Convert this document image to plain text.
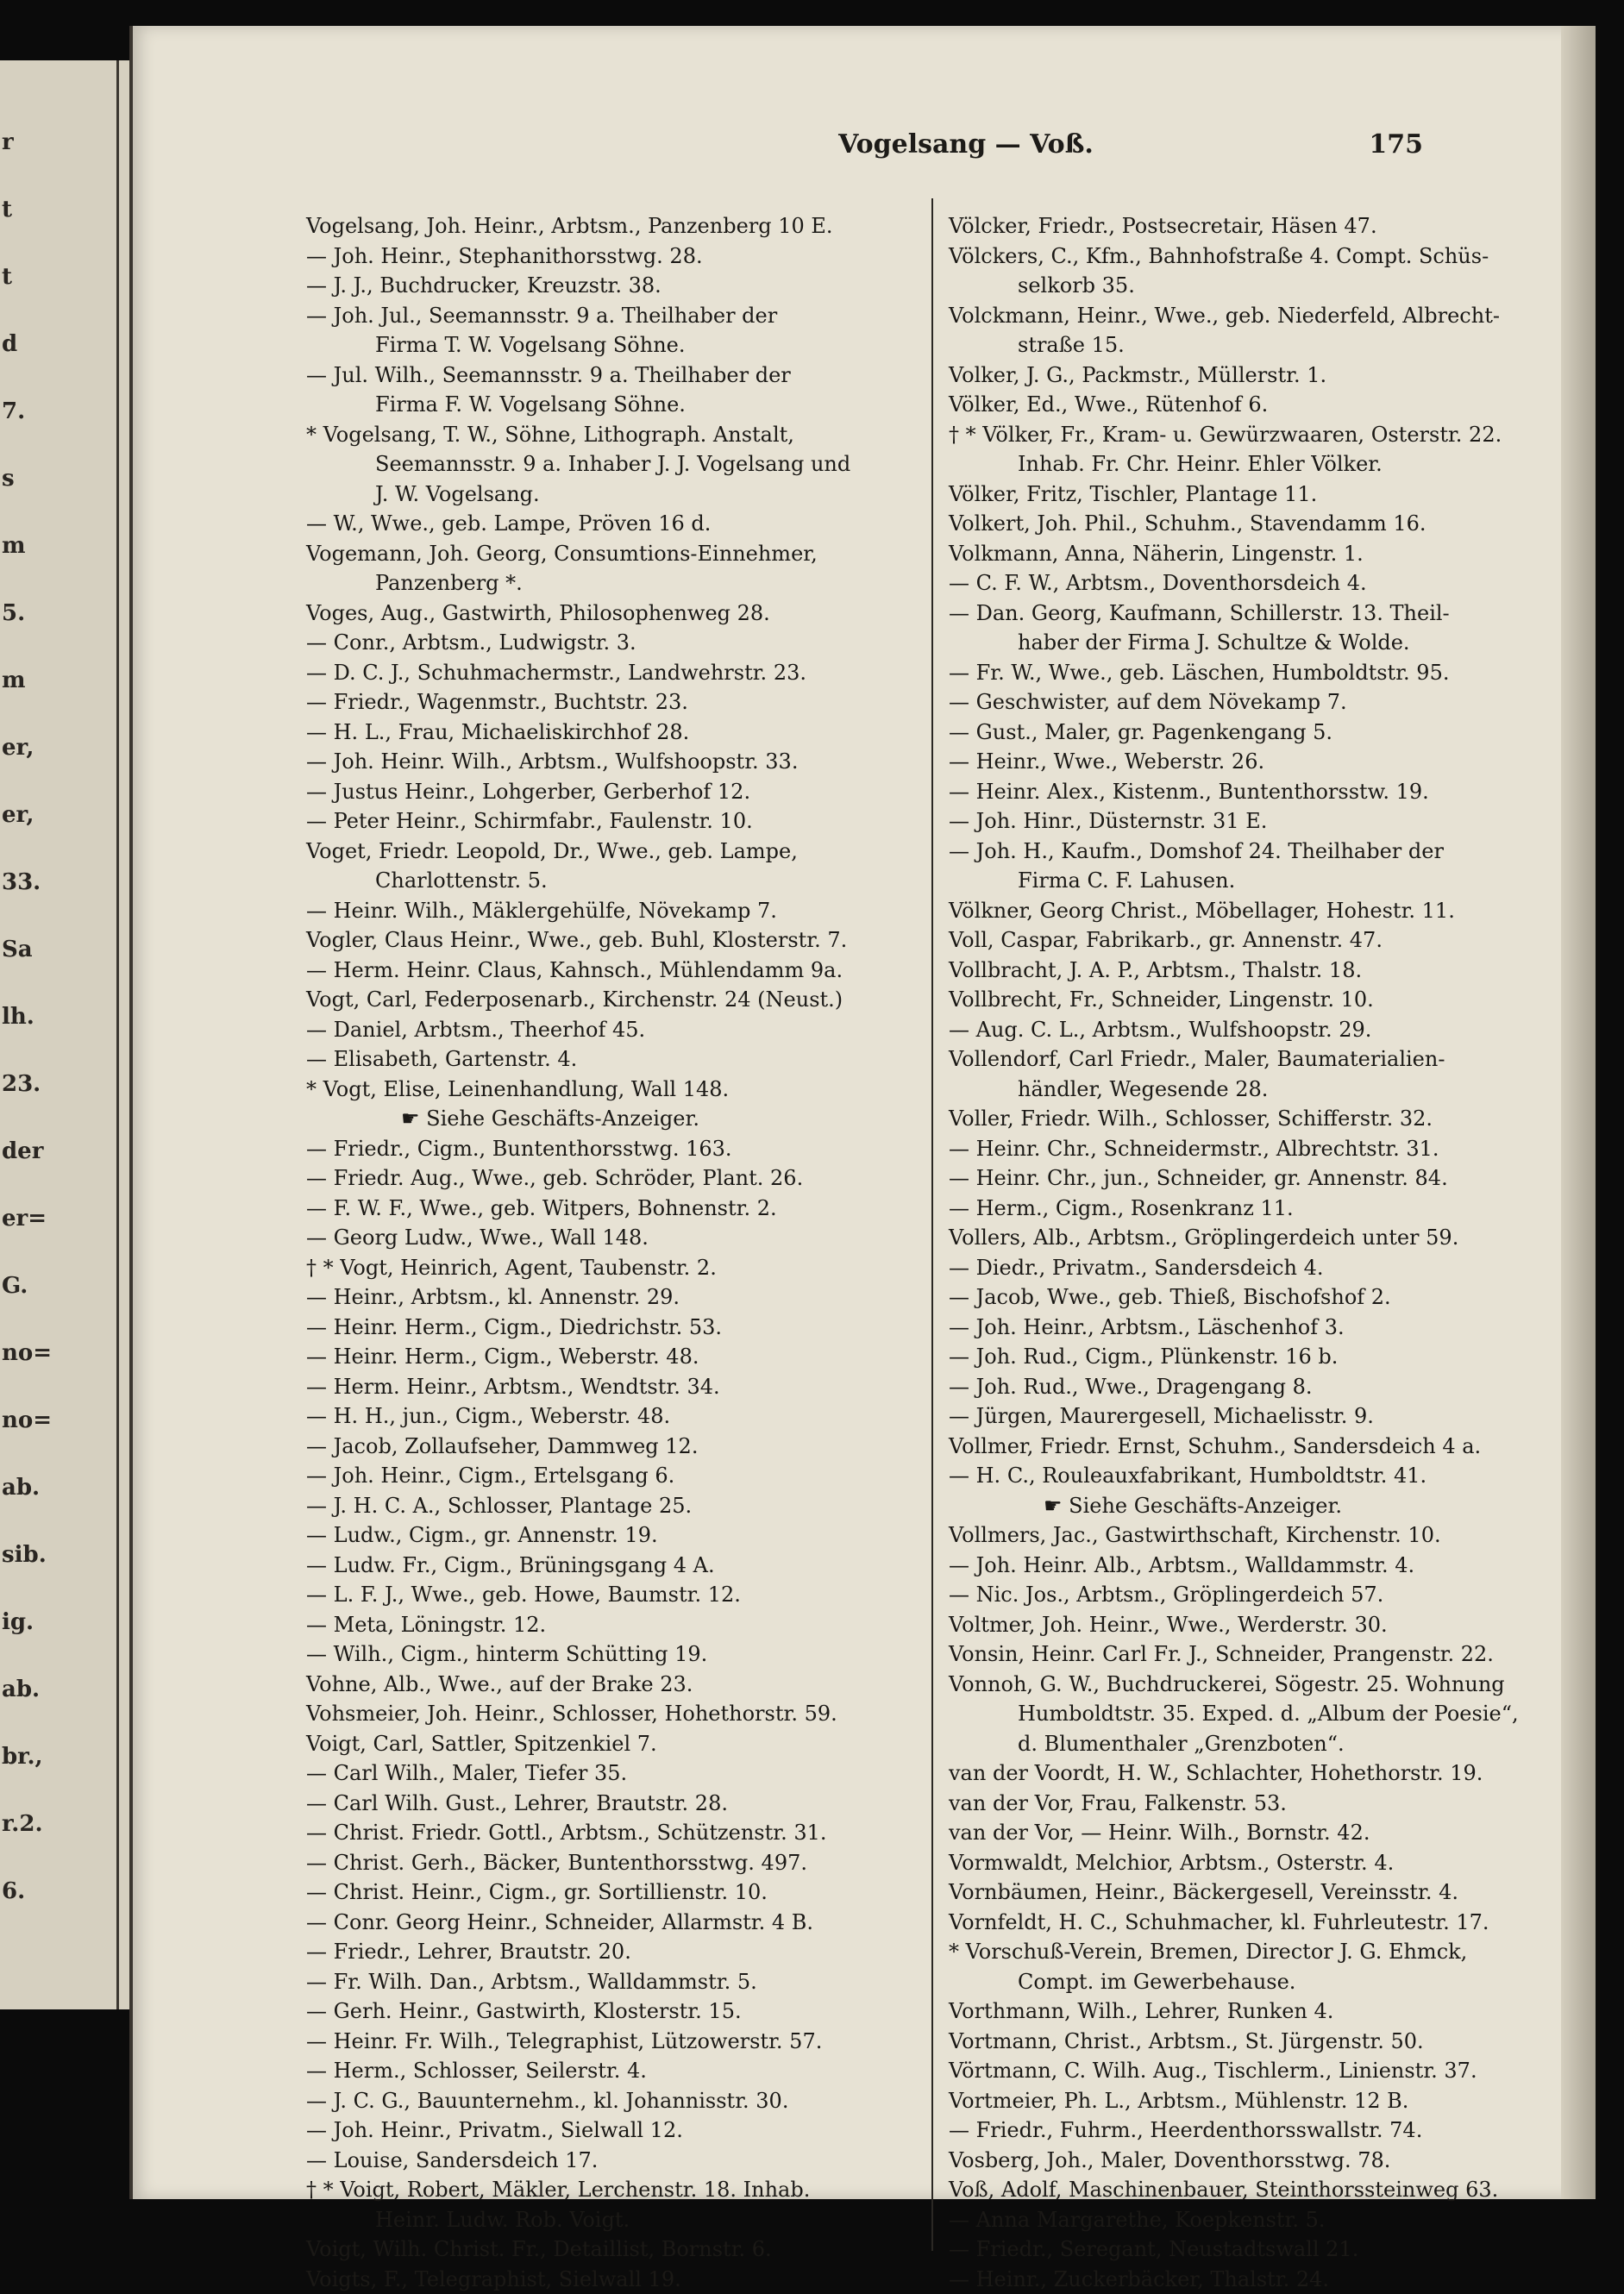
r
t
t
d
7.
s
m
5.
m
er,
er,
33.
Sa
lh.
23.
der
er=
G.
no=
no=
ab.
sib.
ig.
ab.
br.,
r.2.
6.
Vogelsang — Voß.	175
Vogelsang, Joh. Heinr., Arbtsm., Panzenberg 10 E.
— Joh. Heinr., Stephanithorsstwg. 28.
— J. J., Buchdrucker, Kreuzstr. 38.
— Joh. Jul., Seemannsstr. 9 a. Theilhaber der
Firma T. W. Vogelsang Söhne.
— Jul. Wilh., Seemannsstr. 9 a. Theilhaber der
Firma F. W. Vogelsang Söhne.
* Vogelsang, T. W., Söhne, Lithograph. Anstalt,
Seemannsstr. 9 a. Inhaber J. J. Vogelsang und
J. W. Vogelsang.
— W., Wwe., geb. Lampe, Pröven 16 d.
Vogemann, Joh. Georg, Consumtions-Einnehmer,
Panzenberg *.
Voges, Aug., Gastwirth, Philosophenweg 28.
— Conr., Arbtsm., Ludwigstr. 3.
— D. C. J., Schuhmachermstr., Landwehrstr. 23.
— Friedr., Wagenmstr., Buchtstr. 23.
— H. L., Frau, Michaeliskirchhof 28.
— Joh. Heinr. Wilh., Arbtsm., Wulfshoopstr. 33.
— Justus Heinr., Lohgerber, Gerberhof 12.
— Peter Heinr., Schirmfabr., Faulenstr. 10.
Voget, Friedr. Leopold, Dr., Wwe., geb. Lampe,
Charlottenstr. 5.
— Heinr. Wilh., Mäklergehülfe, Növekamp 7.
Vogler, Claus Heinr., Wwe., geb. Buhl, Klosterstr. 7.
— Herm. Heinr. Claus, Kahnsch., Mühlendamm 9a.
Vogt, Carl, Federposenarb., Kirchenstr. 24 (Neust.)
— Daniel, Arbtsm., Theerhof 45.
— Elisabeth, Gartenstr. 4.
* Vogt, Elise, Leinenhandlung, Wall 148.
☛ Siehe Geschäfts-Anzeiger.
— Friedr., Cigm., Buntenthorsstwg. 163.
— Friedr. Aug., Wwe., geb. Schröder, Plant. 26.
— F. W. F., Wwe., geb. Witpers, Bohnenstr. 2.
— Georg Ludw., Wwe., Wall 148.
† * Vogt, Heinrich, Agent, Taubenstr. 2.
— Heinr., Arbtsm., kl. Annenstr. 29.
— Heinr. Herm., Cigm., Diedrichstr. 53.
— Heinr. Herm., Cigm., Weberstr. 48.
— Herm. Heinr., Arbtsm., Wendtstr. 34.
— H. H., jun., Cigm., Weberstr. 48.
— Jacob, Zollaufseher, Dammweg 12.
— Joh. Heinr., Cigm., Ertelsgang 6.
— J. H. C. A., Schlosser, Plantage 25.
— Ludw., Cigm., gr. Annenstr. 19.
— Ludw. Fr., Cigm., Brüningsgang 4 A.
— L. F. J., Wwe., geb. Howe, Baumstr. 12.
— Meta, Löningstr. 12.
— Wilh., Cigm., hinterm Schütting 19.
Vohne, Alb., Wwe., auf der Brake 23.
Vohsmeier, Joh. Heinr., Schlosser, Hohethorstr. 59.
Voigt, Carl, Sattler, Spitzenkiel 7.
— Carl Wilh., Maler, Tiefer 35.
— Carl Wilh. Gust., Lehrer, Brautstr. 28.
— Christ. Friedr. Gottl., Arbtsm., Schützenstr. 31.
— Christ. Gerh., Bäcker, Buntenthorsstwg. 497.
— Christ. Heinr., Cigm., gr. Sortillienstr. 10.
— Conr. Georg Heinr., Schneider, Allarmstr. 4 B.
— Friedr., Lehrer, Brautstr. 20.
— Fr. Wilh. Dan., Arbtsm., Walldammstr. 5.
— Gerh. Heinr., Gastwirth, Klosterstr. 15.
— Heinr. Fr. Wilh., Telegraphist, Lützowerstr. 57.
— Herm., Schlosser, Seilerstr. 4.
— J. C. G., Bauunternehm., kl. Johannisstr. 30.
— Joh. Heinr., Privatm., Sielwall 12.
— Louise, Sandersdeich 17.
† * Voigt, Robert, Mäkler, Lerchenstr. 18. Inhab.
Heinr. Ludw. Rob. Voigt.
Voigt, Wilh. Christ. Fr., Detaillist, Bornstr. 6.
Voigts, F., Telegraphist, Sielwall 19.
Völcker, Friedr., Postsecretair, Häsen 47.
Völckers, C., Kfm., Bahnhofstraße 4. Compt. Schüs-
selkorb 35.
Volckmann, Heinr., Wwe., geb. Niederfeld, Albrecht-
straße 15.
Volker, J. G., Packmstr., Müllerstr. 1.
Völker, Ed., Wwe., Rütenhof 6.
† * Völker, Fr., Kram- u. Gewürzwaaren, Osterstr. 22.
Inhab. Fr. Chr. Heinr. Ehler Völker.
Völker, Fritz, Tischler, Plantage 11.
Volkert, Joh. Phil., Schuhm., Stavendamm 16.
Volkmann, Anna, Näherin, Lingenstr. 1.
— C. F. W., Arbtsm., Doventhorsdeich 4.
— Dan. Georg, Kaufmann, Schillerstr. 13. Theil-
haber der Firma J. Schultze & Wolde.
— Fr. W., Wwe., geb. Läschen, Humboldtstr. 95.
— Geschwister, auf dem Növekamp 7.
— Gust., Maler, gr. Pagenkengang 5.
— Heinr., Wwe., Weberstr. 26.
— Heinr. Alex., Kistenm., Buntenthorsstw. 19.
— Joh. Hinr., Düsternstr. 31 E.
— Joh. H., Kaufm., Domshof 24. Theilhaber der
Firma C. F. Lahusen.
Völkner, Georg Christ., Möbellager, Hohestr. 11.
Voll, Caspar, Fabrikarb., gr. Annenstr. 47.
Vollbracht, J. A. P., Arbtsm., Thalstr. 18.
Vollbrecht, Fr., Schneider, Lingenstr. 10.
— Aug. C. L., Arbtsm., Wulfshoopstr. 29.
Vollendorf, Carl Friedr., Maler, Baumaterialien-
händler, Wegesende 28.
Voller, Friedr. Wilh., Schlosser, Schifferstr. 32.
— Heinr. Chr., Schneidermstr., Albrechtstr. 31.
— Heinr. Chr., jun., Schneider, gr. Annenstr. 84.
— Herm., Cigm., Rosenkranz 11.
Vollers, Alb., Arbtsm., Gröplingerdeich unter 59.
— Diedr., Privatm., Sandersdeich 4.
— Jacob, Wwe., geb. Thieß, Bischofshof 2.
— Joh. Heinr., Arbtsm., Läschenhof 3.
— Joh. Rud., Cigm., Plünkenstr. 16 b.
— Joh. Rud., Wwe., Dragengang 8.
— Jürgen, Maurergesell, Michaelisstr. 9.
Vollmer, Friedr. Ernst, Schuhm., Sandersdeich 4 a.
— H. C., Rouleauxfabrikant, Humboldtstr. 41.
☛ Siehe Geschäfts-Anzeiger.
Vollmers, Jac., Gastwirthschaft, Kirchenstr. 10.
— Joh. Heinr. Alb., Arbtsm., Walldammstr. 4.
— Nic. Jos., Arbtsm., Gröplingerdeich 57.
Voltmer, Joh. Heinr., Wwe., Werderstr. 30.
Vonsin, Heinr. Carl Fr. J., Schneider, Prangenstr. 22.
Vonnoh, G. W., Buchdruckerei, Sögestr. 25. Wohnung
Humboldtstr. 35. Exped. d. „Album der Poesie“,
d. Blumenthaler „Grenzboten“.
van der Voordt, H. W., Schlachter, Hohethorstr. 19.
van der Vor, Frau, Falkenstr. 53.
van der Vor, — Heinr. Wilh., Bornstr. 42.
Vormwaldt, Melchior, Arbtsm., Osterstr. 4.
Vornbäumen, Heinr., Bäckergesell, Vereinsstr. 4.
Vornfeldt, H. C., Schuhmacher, kl. Fuhrleutestr. 17.
* Vorschuß-Verein, Bremen, Director J. G. Ehmck,
Compt. im Gewerbehause.
Vorthmann, Wilh., Lehrer, Runken 4.
Vortmann, Christ., Arbtsm., St. Jürgenstr. 50.
Vörtmann, C. Wilh. Aug., Tischlerm., Linienstr. 37.
Vortmeier, Ph. L., Arbtsm., Mühlenstr. 12 B.
— Friedr., Fuhrm., Heerdenthorsswallstr. 74.
Vosberg, Joh., Maler, Doventhorsstwg. 78.
Voß, Adolf, Maschinenbauer, Steinthorssteinweg 63.
— Anna Margarethe, Koepkenstr. 5.
— Friedr., Seregant, Neustadtswall 21.
— Heinr., Zuckerbäcker, Thalstr. 24.
